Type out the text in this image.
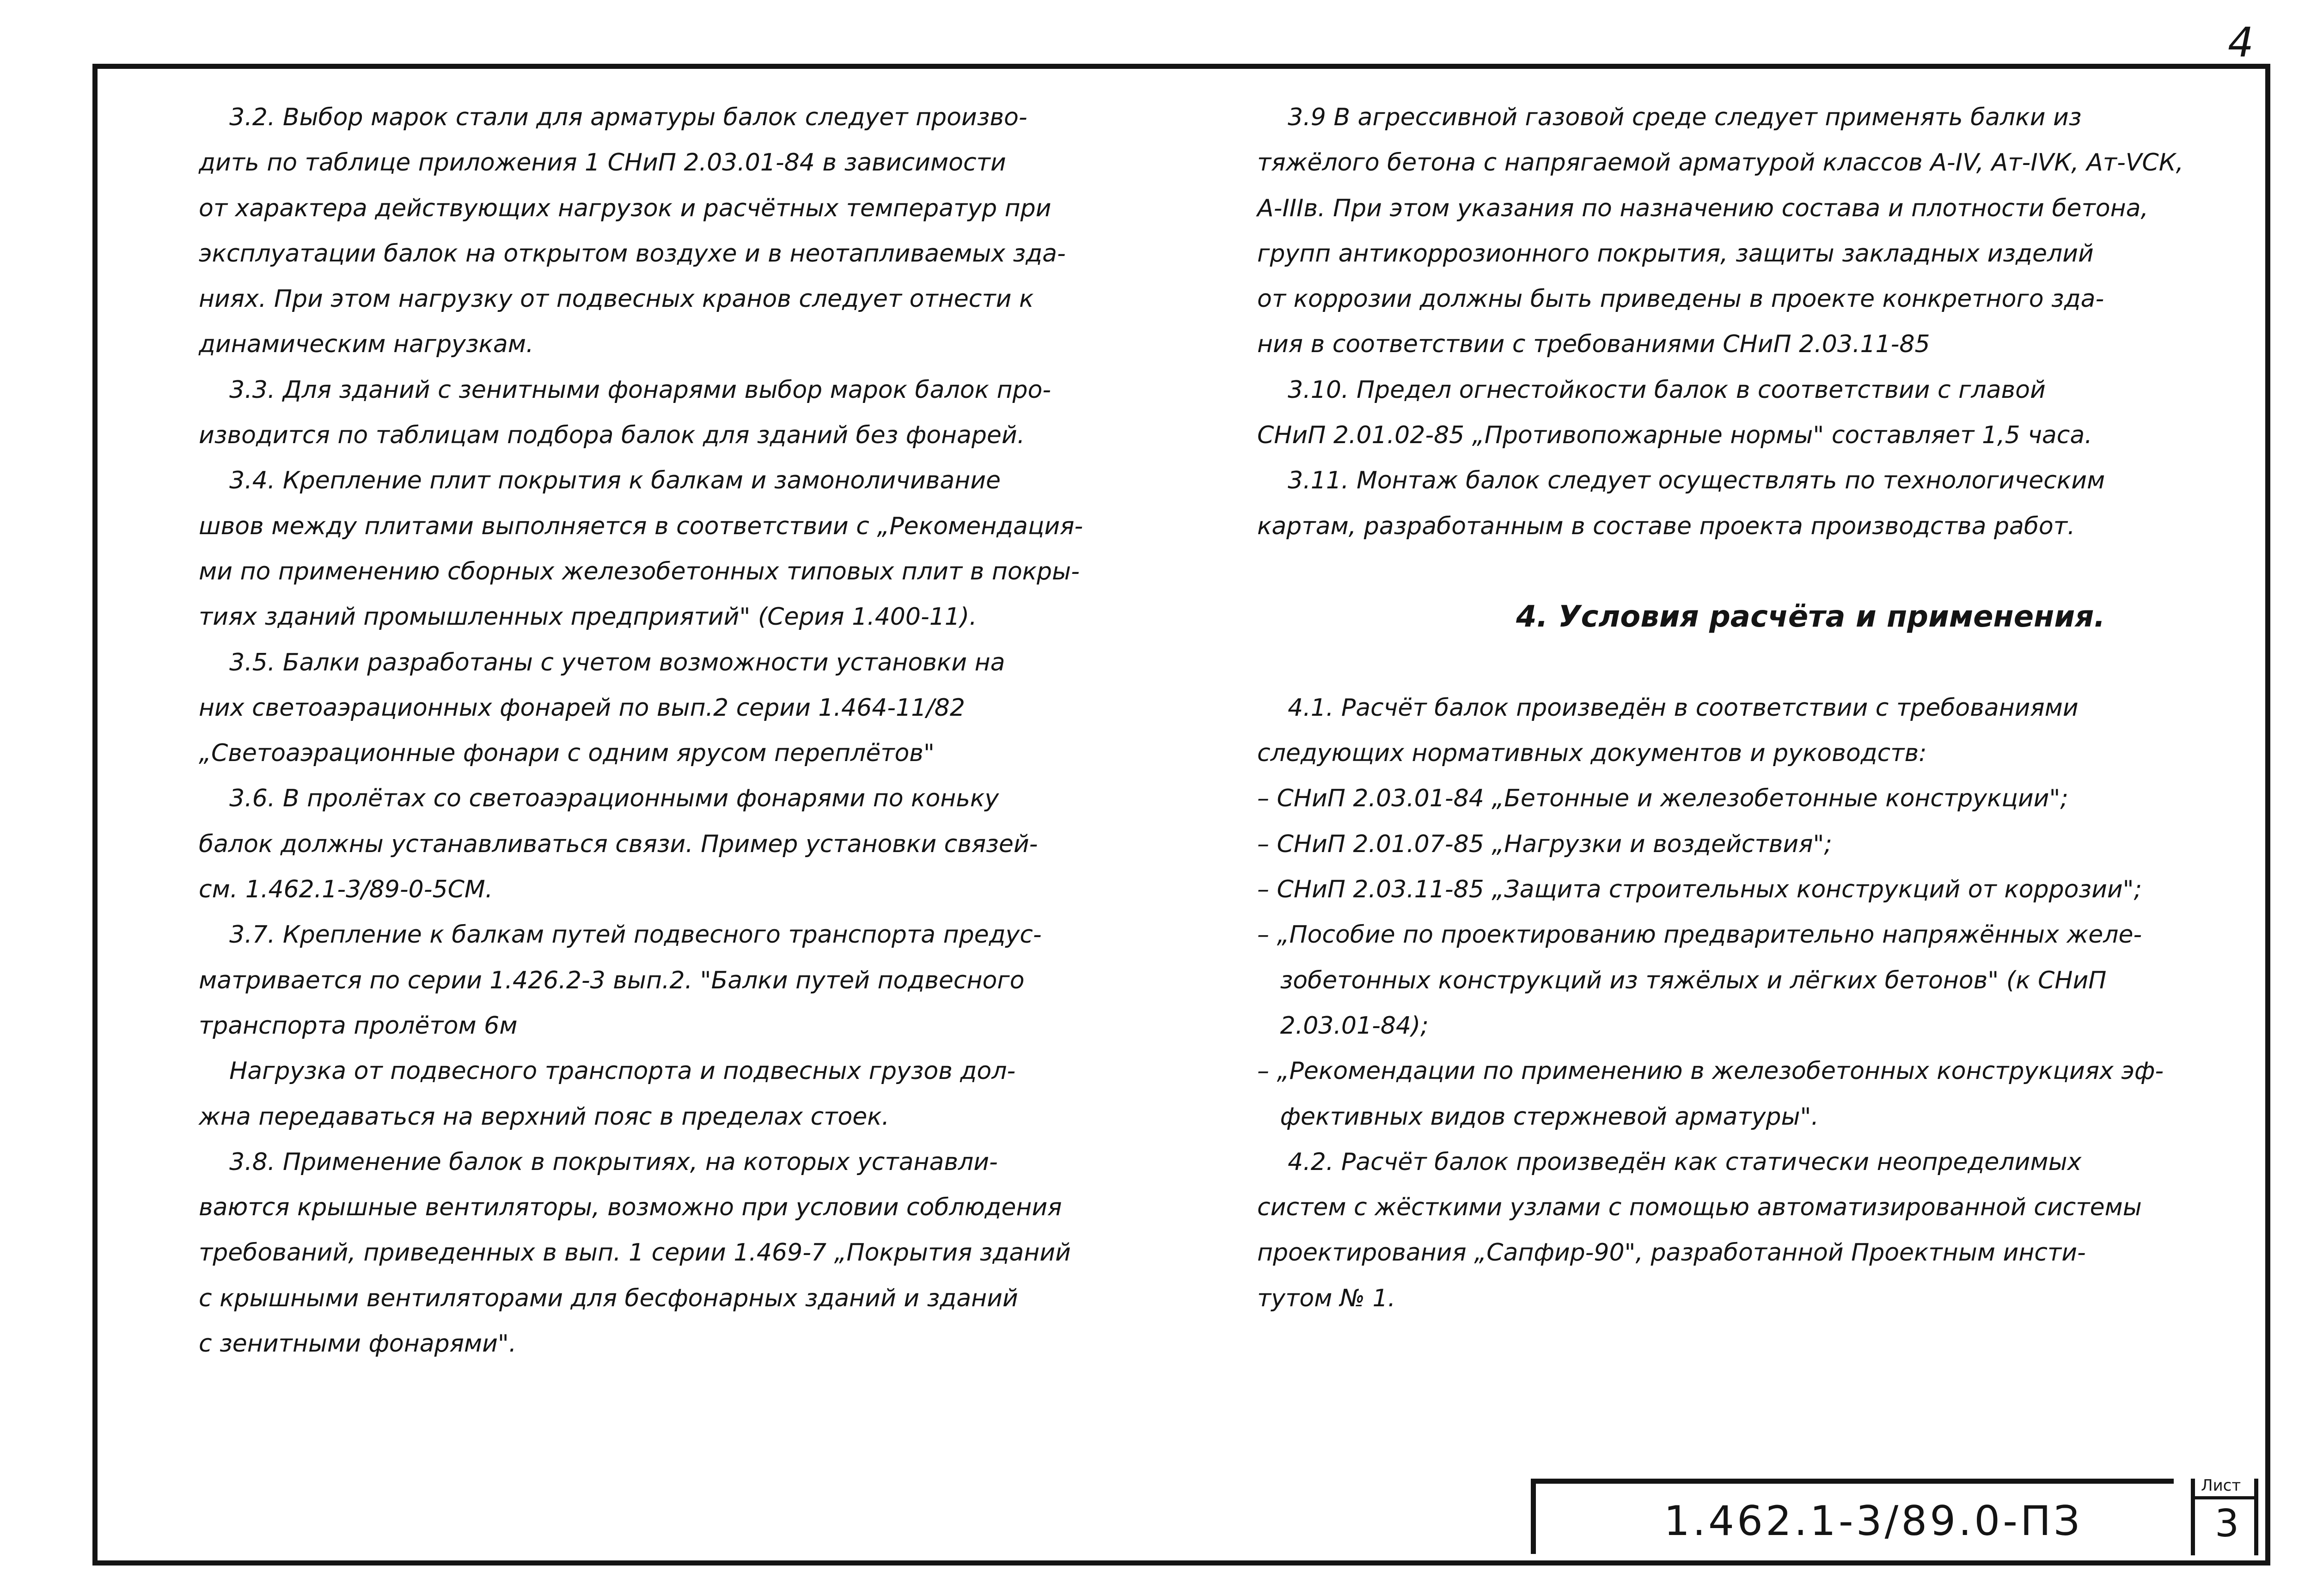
4
3.2. Выбор марок стали для арматуры балок следует произво-
дить по таблице приложения 1 СНиП 2.03.01-84 в зависимости
от характера действующих нагрузок и расчётных температур при
эксплуатации балок на открытом воздухе и в неотапливаемых зда-
ниях. При этом нагрузку от подвесных кранов следует отнести к
динамическим нагрузкам.
3.3. Для зданий с зенитными фонарями выбор марок балок про-
изводится по таблицам подбора балок для зданий без фонарей.
3.4. Крепление плит покрытия к балкам и замоноличивание
швов между плитами выполняется в соответствии с „Рекомендация-
ми по применению сборных железобетонных типовых плит в покры-
тиях зданий промышленных предприятий" (Серия 1.400-11).
3.5. Балки разработаны с учетом возможности установки на
них светоаэрационных фонарей по вып.2 серии 1.464-11/82
„Светоаэрационные фонари с одним ярусом переплётов"
3.6. В пролётах со светоаэрационными фонарями по коньку
балок должны устанавливаться связи. Пример установки связей-
см. 1.462.1-3/89-0-5СМ.
3.7. Крепление к балкам путей подвесного транспорта предус-
матривается по серии 1.426.2-3 вып.2. "Балки путей подвесного
транспорта пролётом 6м
Нагрузка от подвесного транспорта и подвесных грузов дол-
жна передаваться на верхний пояс в пределах стоек.
3.8. Применение балок в покрытиях, на которых устанавли-
ваются крышные вентиляторы, возможно при условии соблюдения
требований, приведенных в вып. 1 серии 1.469-7 „Покрытия зданий
с крышными вентиляторами для бесфонарных зданий и зданий
с зенитными фонарями".
3.9 В агрессивной газовой среде следует применять балки из
тяжёлого бетона с напрягаемой арматурой классов А-IV, Ат-IVК, Ат-VСК,
А-IIIв. При этом указания по назначению состава и плотности бетона,
групп антикоррозионного покрытия, защиты закладных изделий
от коррозии должны быть приведены в проекте конкретного зда-
ния в соответствии с требованиями СНиП 2.03.11-85
3.10. Предел огнестойкости балок в соответствии с главой
СНиП 2.01.02-85 „Противопожарные нормы" составляет 1,5 часа.
3.11. Монтаж балок следует осуществлять по технологическим
картам, разработанным в составе проекта производства работ.
4. Условия расчёта и применения.
4.1. Расчёт балок произведён в соответствии с требованиями
следующих нормативных документов и руководств:
– СНиП 2.03.01-84 „Бетонные и железобетонные конструкции";
– СНиП 2.01.07-85 „Нагрузки и воздействия";
– СНиП 2.03.11-85 „Защита строительных конструкций от коррозии";
– „Пособие по проектированию предварительно напряжённых желе-
зобетонных конструкций из тяжёлых и лёгких бетонов" (к СНиП
2.03.01-84);
– „Рекомендации по применению в железобетонных конструкциях эф-
фективных видов стержневой арматуры".
4.2. Расчёт балок произведён как статически неопределимых
систем с жёсткими узлами с помощью автоматизированной системы
проектирования „Сапфир-90", разработанной Проектным инсти-
тутом № 1.
1.462.1-3/89.0-ПЗ
Лист
3
